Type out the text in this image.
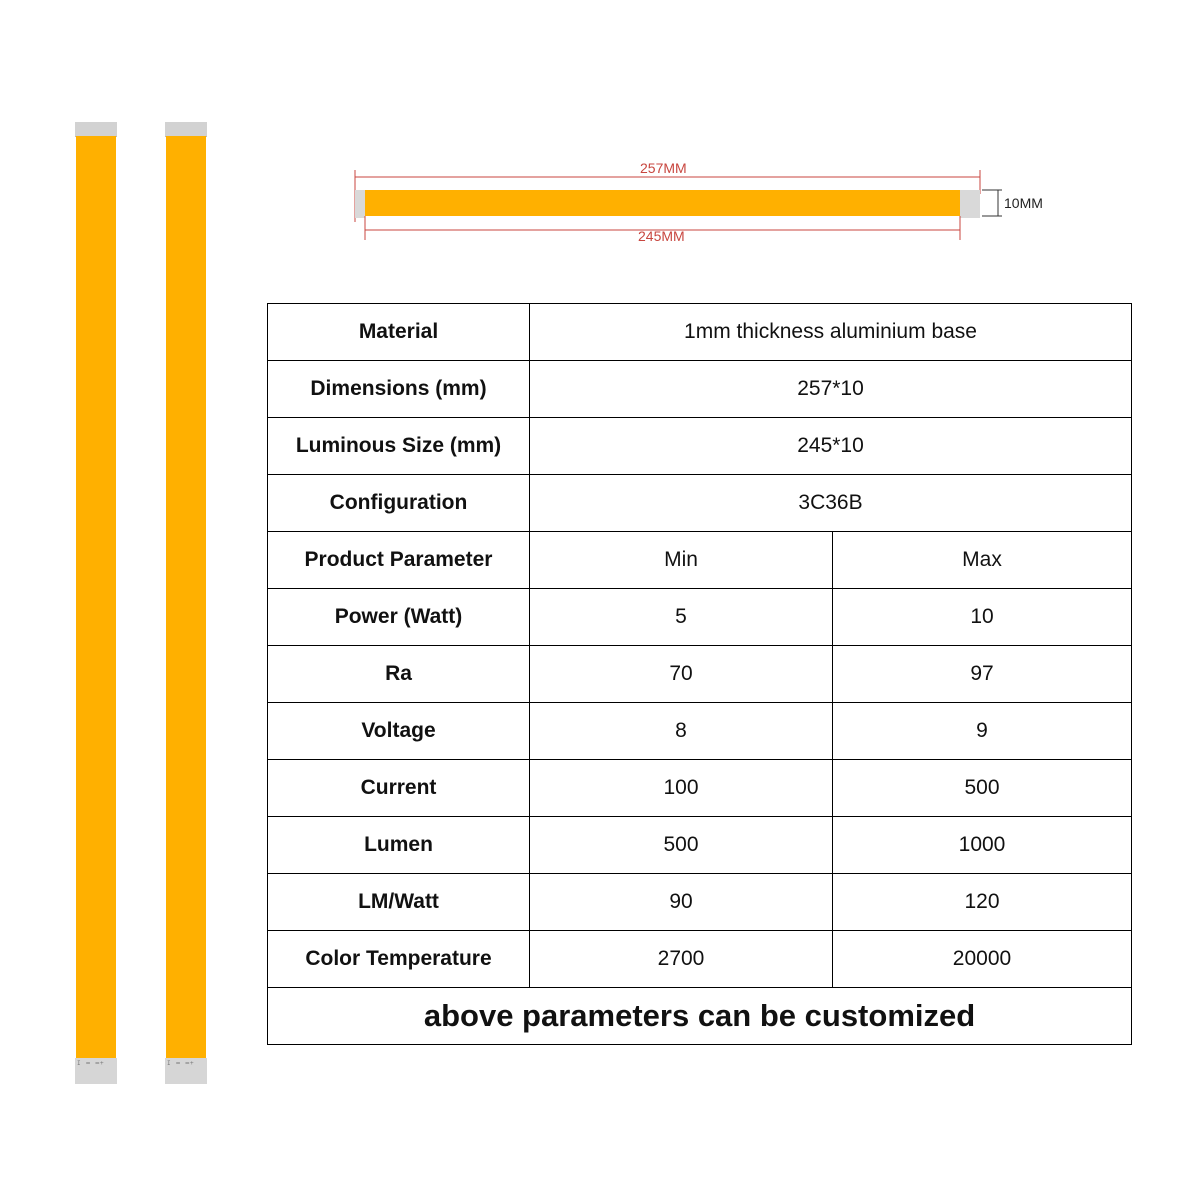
I ═ ═+	I ═ ═+
257MM
245MM
10MM
Material	1mm thickness aluminium base	
Dimensions (mm)	257*10	
Luminous Size (mm)	245*10	
Configuration	3C36B	
Product Parameter	Min	Max
Power (Watt)	5	10
Ra	70	97
Voltage	8	9
Current	100	500
Lumen	500	1000
LM/Watt	90	120
Color Temperature	2700	20000
above parameters can be customized		
